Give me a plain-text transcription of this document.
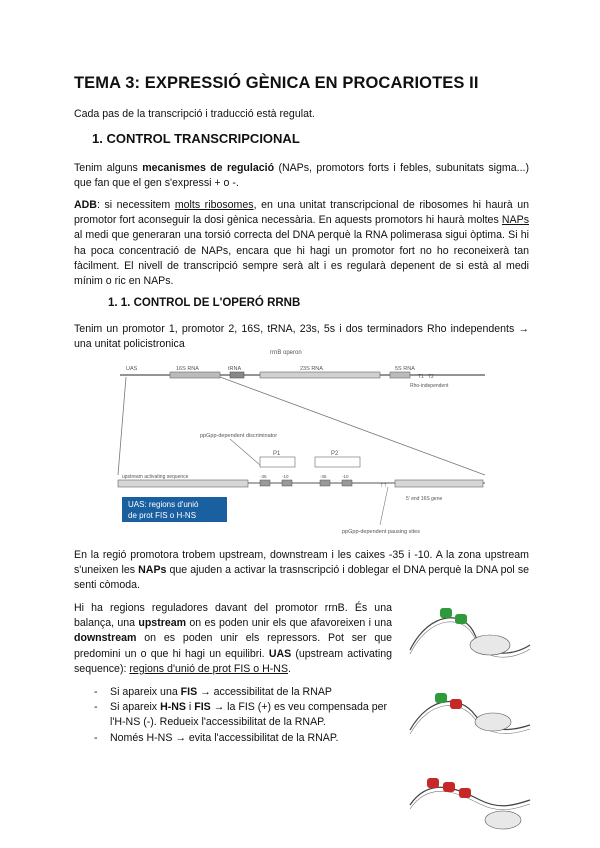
TEMA 3: EXPRESSIÓ GÈNICA EN PROCARIOTES II
Cada pas de la transcripció i traducció està regulat.
1. CONTROL TRANSCRIPCIONAL
Tenim alguns mecanismes de regulació (NAPs, promotors forts i febles, subunitats sigma...) que fan que el gen s'expressi + o -.
ADB: si necessitem molts ribosomes, en una unitat transcripcional de ribosomes hi haurà un promotor fort aconseguir la dosi gènica necessària. En aquests promotors hi haurà moltes NAPs al medi que generaran una torsió correcta del DNA perquè la RNA polimerasa sigui òptima. Si hi ha poca concentració de NAPs, encara que hi hagi un promotor fort no ho reconeixerà tan fàcilment. El nivell de transcripció sempre serà alt i es regularà depenent de si està al medi mínim o ric en NAPs.
1. 1. CONTROL DE L'OPERÓ RRNB
Tenim un promotor 1, promotor 2, 16S, tRNA, 23s, 5s i dos terminadors Rho independents → una unitat policistronica
rrnB operon
UAS	16S RNA	tRNA	23S RNA	5S RNA
T1 T2
Rho-independent
ppGpp-dependent discriminator
P1	P2
upstream activating sequence	-35	-10	-35	-10
↑↑
5' end 16S gene
UAS: regions d'unió
de prot FIS o H-NS
ppGpp-dependent pausing sites
En la regió promotora trobem upstream, downstream i les caixes -35 i -10. A la zona upstream s'uneixen les NAPs que ajuden a activar la trasnscripció i doblegar el DNA perquè la DNA pol se senti còmoda.
Hi ha regions reguladores davant del promotor rrnB. És una balança, una upstream on es poden unir els que afavoreixen i una downstream on es poden unir els repressors. Pot ser que predomini un o que hi hagi un equilibri. UAS (upstream activating sequence): regions d'unió de prot FIS o H-NS.
- Si apareix una FIS → accessibilitat de la RNAP
- Si apareix H-NS i FIS → la FIS (+) es veu compensada per l'H-NS (-). Redueix l'accessibilitat de la RNAP.
- Només H-NS → evita l'accessibilitat de la RNAP.
